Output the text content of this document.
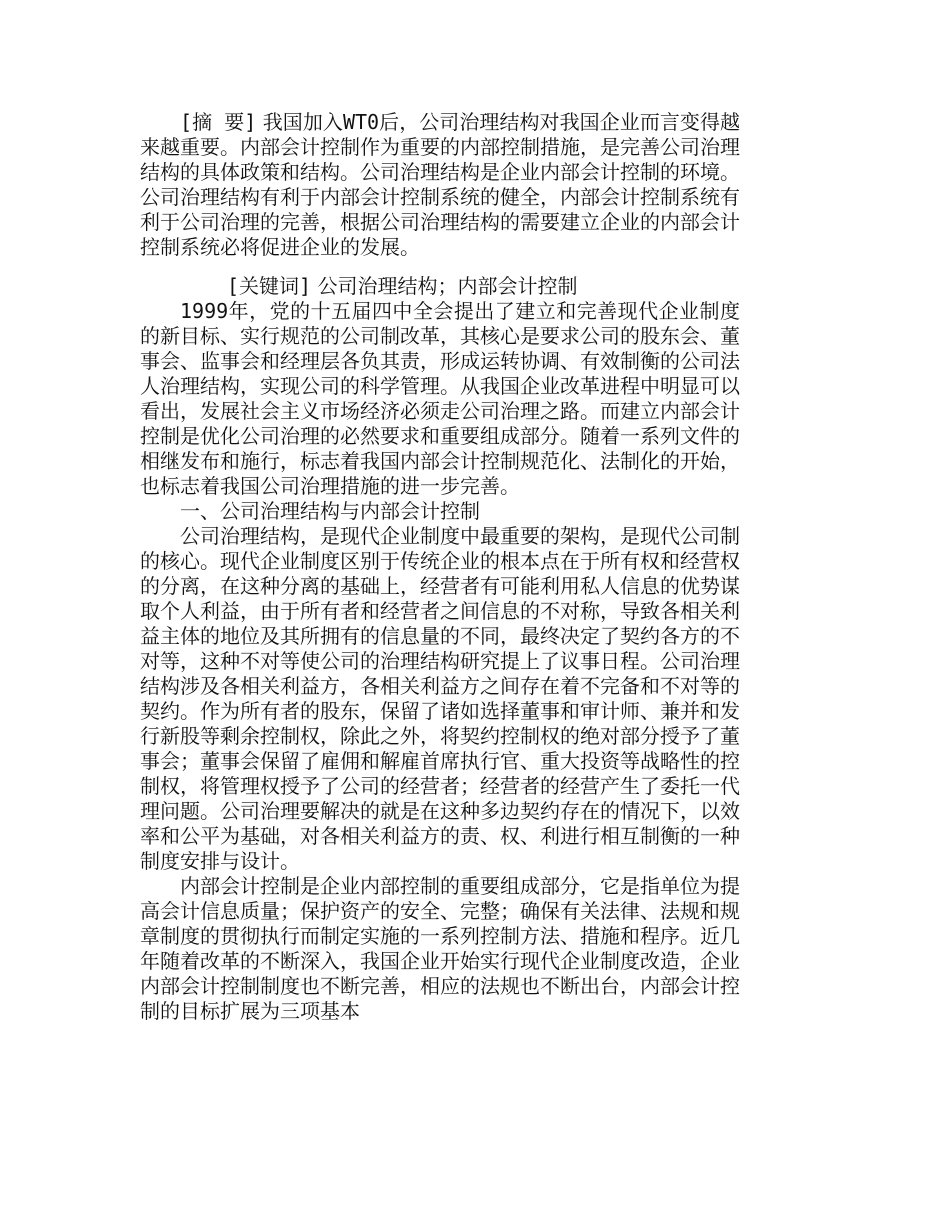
[摘 要] 我国加入WT0后，公司治理结构对我国企业而言变得越来越重要。内部会计控制作为重要的内部控制措施，是完善公司治理结构的具体政策和结构。公司治理结构是企业内部会计控制的环境。公司治理结构有利于内部会计控制系统的健全，内部会计控制系统有利于公司治理的完善，根据公司治理结构的需要建立企业的内部会计控制系统必将促进企业的发展。

[关键词] 公司治理结构；内部会计控制

1999年，党的十五届四中全会提出了建立和完善现代企业制度的新目标、实行规范的公司制改革，其核心是要求公司的股东会、董事会、监事会和经理层各负其责，形成运转协调、有效制衡的公司法人治理结构，实现公司的科学管理。从我国企业改革进程中明显可以看出，发展社会主义市场经济必须走公司治理之路。而建立内部会计控制是优化公司治理的必然要求和重要组成部分。随着一系列文件的相继发布和施行，标志着我国内部会计控制规范化、法制化的开始，也标志着我国公司治理措施的进一步完善。

一、公司治理结构与内部会计控制

公司治理结构，是现代企业制度中最重要的架构，是现代公司制的核心。现代企业制度区别于传统企业的根本点在于所有权和经营权的分离，在这种分离的基础上，经营者有可能利用私人信息的优势谋取个人利益，由于所有者和经营者之间信息的不对称，导致各相关利益主体的地位及其所拥有的信息量的不同，最终决定了契约各方的不对等，这种不对等使公司的治理结构研究提上了议事日程。公司治理结构涉及各相关利益方，各相关利益方之间存在着不完备和不对等的契约。作为所有者的股东，保留了诸如选择董事和审计师、兼并和发行新股等剩余控制权，除此之外，将契约控制权的绝对部分授予了董事会；董事会保留了雇佣和解雇首席执行官、重大投资等战略性的控制权，将管理权授予了公司的经营者；经营者的经营产生了委托一代理问题。公司治理要解决的就是在这种多边契约存在的情况下，以效率和公平为基础，对各相关利益方的责、权、利进行相互制衡的一种制度安排与设计。

内部会计控制是企业内部控制的重要组成部分，它是指单位为提高会计信息质量；保护资产的安全、完整；确保有关法律、法规和规章制度的贯彻执行而制定实施的一系列控制方法、措施和程序。近几年随着改革的不断深入，我国企业开始实行现代企业制度改造，企业内部会计控制制度也不断完善，相应的法规也不断出台，内部会计控制的目标扩展为三项基本
